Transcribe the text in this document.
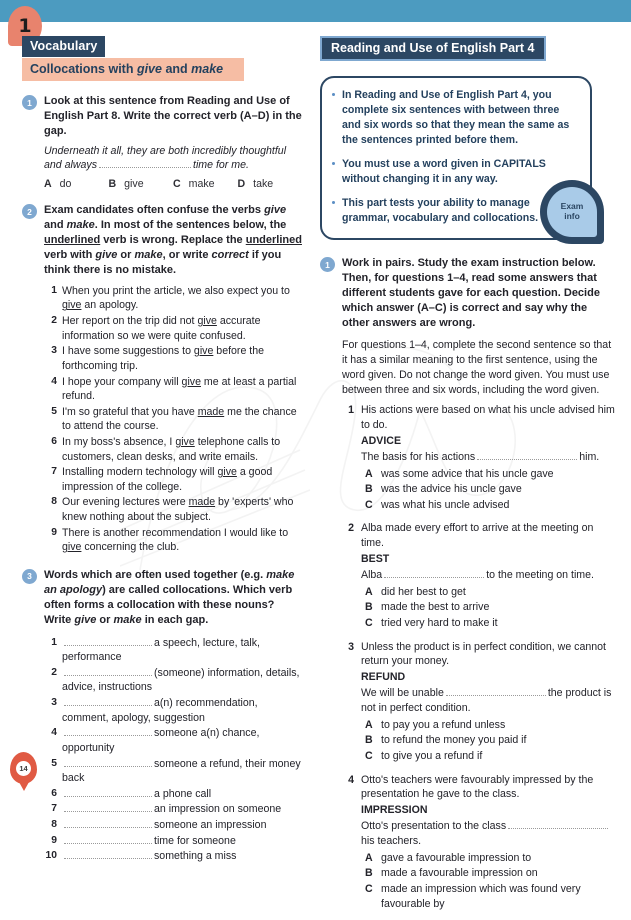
1
Vocabulary
Collocations with give and make
1	Look at this sentence from Reading and Use of English Part 8. Write the correct verb (A–D) in the gap.
Underneath it all, they are both incredibly thoughtful and always	time for me.
A do	B give	C make	D take
2	Exam candidates often confuse the verbs give and make. In most of the sentences below, the underlined verb is wrong. Replace the underlined verb with give or make, or write correct if you think there is no mistake.
1 When you print the article, we also expect you to give an apology.
2 Her report on the trip did not give accurate information so we were quite confused.
3 I have some suggestions to give before the forthcoming trip.
4 I hope your company will give me at least a partial refund.
5 I'm so grateful that you have made me the chance to attend the course.
6 In my boss's absence, I give telephone calls to customers, clean desks, and write emails.
7 Installing modern technology will give a good impression of the college.
8 Our evening lectures were made by 'experts' who knew nothing about the subject.
9 There is another recommendation I would like to give concerning the club.
3	Words which are often used together (e.g. make an apology) are called collocations. Which verb often forms a collocation with these nouns? Write give or make in each gap.
1	a speech, lecture, talk, performance
2	(someone) information, details, advice, instructions
3	a(n) recommendation, comment, apology, suggestion
4	someone a(n) chance, opportunity
5	someone a refund, their money back
6	a phone call
7	an impression on someone
8	someone an impression
9	time for someone
10	something a miss
Reading and Use of English Part 4
In Reading and Use of English Part 4, you complete six sentences with between three and six words so that they mean the same as the sentences printed before them.
You must use a word given in CAPITALS without changing it in any way.
This part tests your ability to manage grammar, vocabulary and collocations.
Exam
info
1	Work in pairs. Study the exam instruction below. Then, for questions 1–4, read some answers that different students gave for each question. Decide which answer (A–C) is correct and say why the other answers are wrong.
For questions 1–4, complete the second sentence so that it has a similar meaning to the first sentence, using the word given. Do not change the word given. You must use between three and six words, including the word given.
1 His actions were based on what his uncle advised him to do.
ADVICE
The basis for his actions	him.
A was some advice that his uncle gave
B was the advice his uncle gave
C was what his uncle advised
2 Alba made every effort to arrive at the meeting on time.
BEST
Alba	to the meeting on time.
A did her best to get
B made the best to arrive
C tried very hard to make it
3 Unless the product is in perfect condition, we cannot return your money.
REFUND
We will be unable	the product is not in perfect condition.
A to pay you a refund unless
B to refund the money you paid if
C to give you a refund if
4 Otto's teachers were favourably impressed by the presentation he gave to the class.
IMPRESSION
Otto's presentation to the classhis teachers.
A gave a favourable impression to
B made a favourable impression on
C made an impression which was found very favourable by
14
